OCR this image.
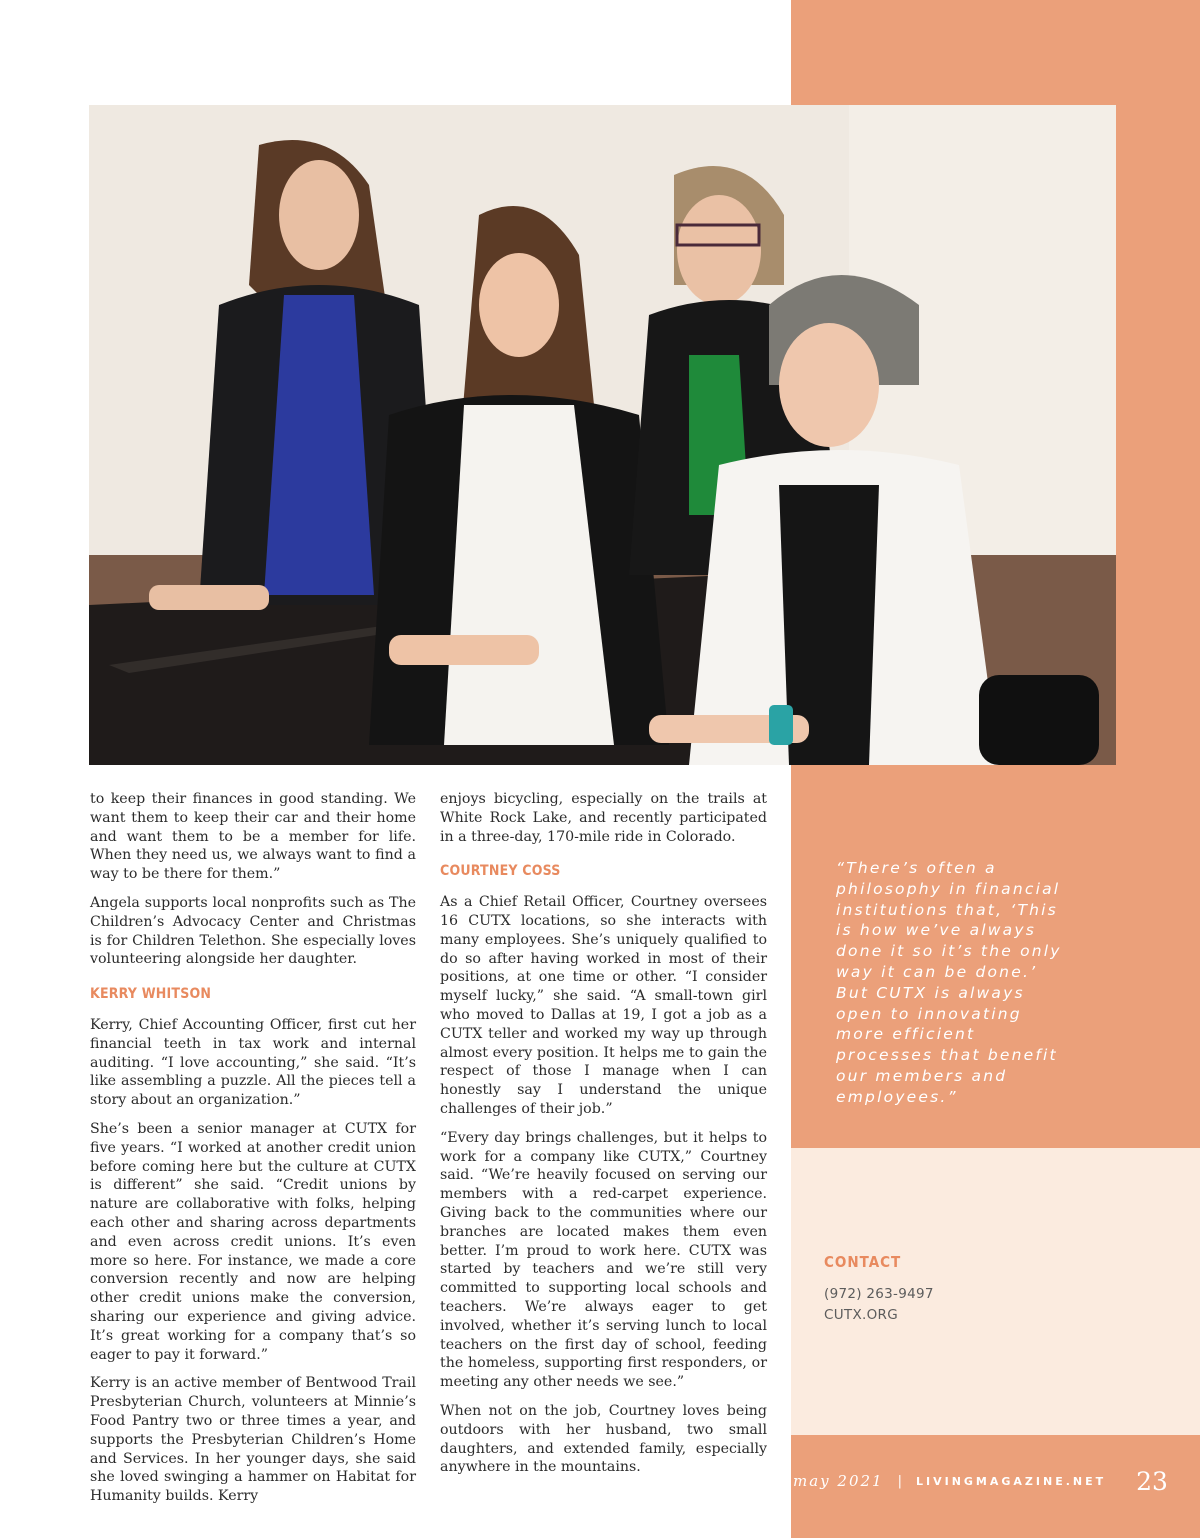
to keep their finances in good standing. We want them to keep their car and their home and want them to be a member for life. When they need us, we always want to find a way to be there for them.”

Angela supports local nonprofits such as The Children’s Advocacy Center and Christmas is for Children Telethon. She especially loves volunteering alongside her daughter.

KERRY WHITSON

Kerry, Chief Accounting Officer, first cut her financial teeth in tax work and internal auditing. “I love accounting,” she said. “It’s like assembling a puzzle. All the pieces tell a story about an organization.”

She’s been a senior manager at CUTX for five years. “I worked at another credit union before coming here but the culture at CUTX is different” she said. “Credit unions by nature are collaborative with folks, helping each other and sharing across departments and even across credit unions. It’s even more so here. For instance, we made a core conversion recently and now are helping other credit unions make the conversion, sharing our experience and giving advice. It’s great working for a company that’s so eager to pay it forward.”

Kerry is an active member of Bentwood Trail Presbyterian Church, volunteers at Minnie’s Food Pantry two or three times a year, and supports the Presbyterian Children’s Home and Services. In her younger days, she said she loved swinging a hammer on Habitat for Humanity builds. Kerry

enjoys bicycling, especially on the trails at White Rock Lake, and recently participated in a three-day, 170-mile ride in Colorado.

COURTNEY COSS

As a Chief Retail Officer, Courtney oversees 16 CUTX locations, so she interacts with many employees. She’s uniquely qualified to do so after having worked in most of their positions, at one time or other. “I consider myself lucky,” she said. “A small-town girl who moved to Dallas at 19, I got a job as a CUTX teller and worked my way up through almost every position. It helps me to gain the respect of those I manage when I can honestly say I understand the unique challenges of their job.”

“Every day brings challenges, but it helps to work for a company like CUTX,” Courtney said. “We’re heavily focused on serving our members with a red-carpet experience. Giving back to the communities where our branches are located makes them even better. I’m proud to work here. CUTX was started by teachers and we’re still very committed to supporting local schools and teachers. We’re always eager to get involved, whether it’s serving lunch to local teachers on the first day of school, feeding the homeless, supporting first responders, or meeting any other needs we see.”

When not on the job, Courtney loves being outdoors with her husband, two small daughters, and extended family, especially anywhere in the mountains.

“There’s often a philosophy in financial institutions that, ‘This is how we’ve always done it so it’s the only way it can be done.’ But CUTX is always open to innovating more efficient processes that benefit our members and employees.”
CONTACT
(972) 263-9497
CUTX.ORG
may 2021 | LIVINGMAGAZINE.NET 23
